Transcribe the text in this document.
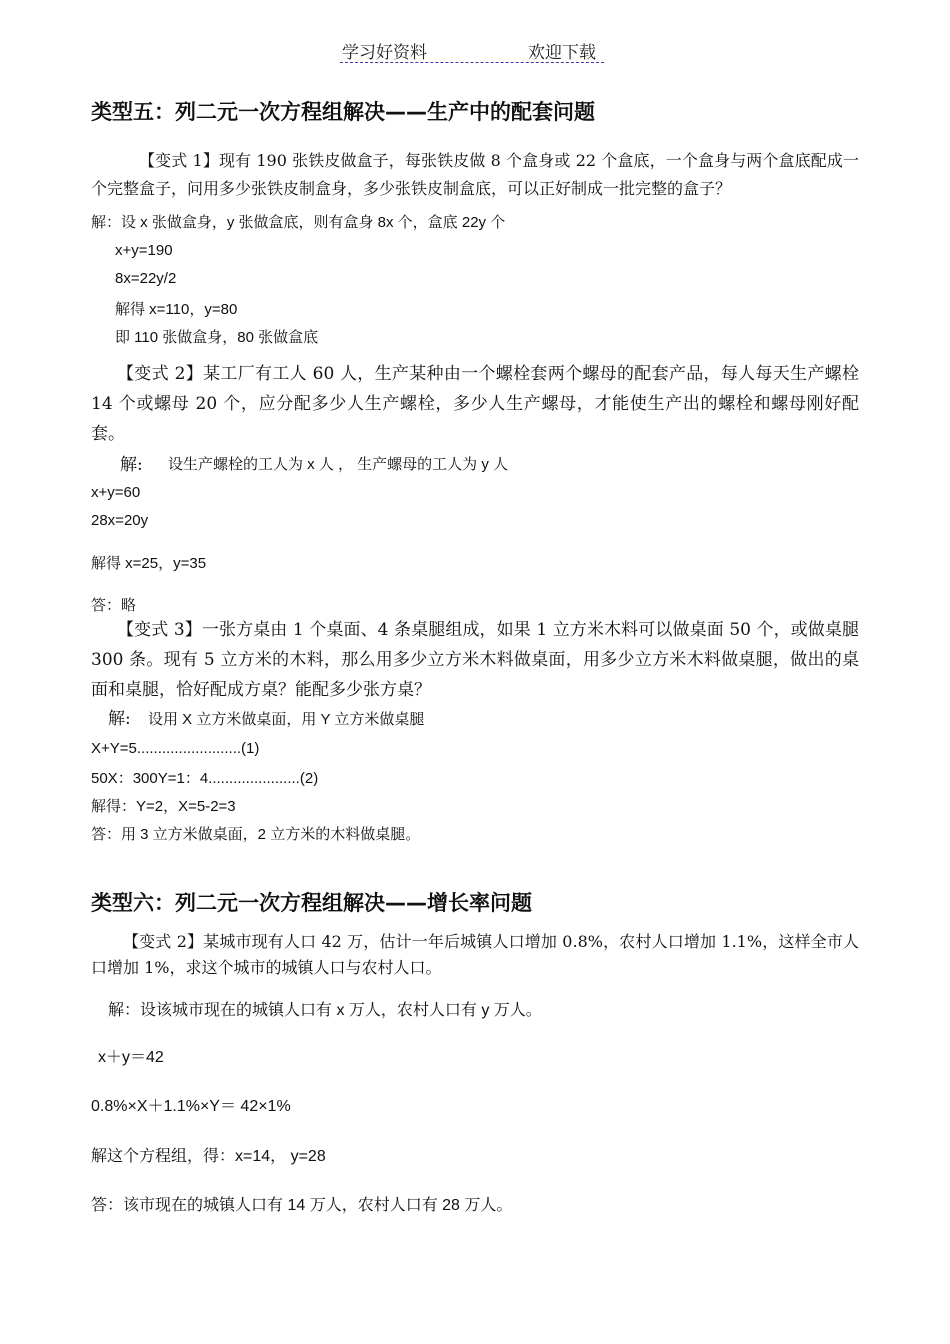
学习好资料	欢迎下载
类型五：列二元一次方程组解决——生产中的配套问题
【变式 1】现有 190 张铁皮做盒子，每张铁皮做 8 个盒身或 22 个盒底，一个盒身与两个盒底配成一个完整盒子，问用多少张铁皮制盒身，多少张铁皮制盒底，可以正好制成一批完整的盒子？
解：设 x 张做盒身，y 张做盒底，则有盒身 8x 个，盒底 22y 个
x+y=190
8x=22y/2
解得 x=110，y=80
即 110 张做盒身，80 张做盒底
【变式 2】某工厂有工人 60 人，生产某种由一个螺栓套两个螺母的配套产品，每人每天生产螺栓 14 个或螺母 20 个，应分配多少人生产螺栓，多少人生产螺母，才能使生产出的螺栓和螺母刚好配套。
解: 设生产螺栓的工人为 x 人 ， 生产螺母的工人为 y 人
x+y=60
28x=20y
解得 x=25，y=35
答：略
【变式 3】一张方桌由 1 个桌面、4 条桌腿组成，如果 1 立方米木料可以做桌面 50 个，或做桌腿 300 条。现有 5 立方米的木料，那么用多少立方米木料做桌面，用多少立方米木料做桌腿，做出的桌面和桌腿，恰好配成方桌？能配多少张方桌？
解: 设用 X 立方米做桌面，用 Y 立方米做桌腿
X+Y=5.........................(1)
50X：300Y=1：4......................(2)
解得：Y=2，X=5-2=3
答：用 3 立方米做桌面，2 立方米的木料做桌腿。
类型六：列二元一次方程组解决——增长率问题
【变式 2】某城市现有人口 42 万，估计一年后城镇人口增加 0.8%，农村人口增加 1.1%，这样全市人口增加 1%，求这个城市的城镇人口与农村人口。
解：设该城市现在的城镇人口有 x 万人，农村人口有 y 万人。
x＋y＝42
0.8%×X＋1.1%×Y＝ 42×1%
解这个方程组，得：x=14， y=28
答：该市现在的城镇人口有 14 万人，农村人口有 28 万人。
